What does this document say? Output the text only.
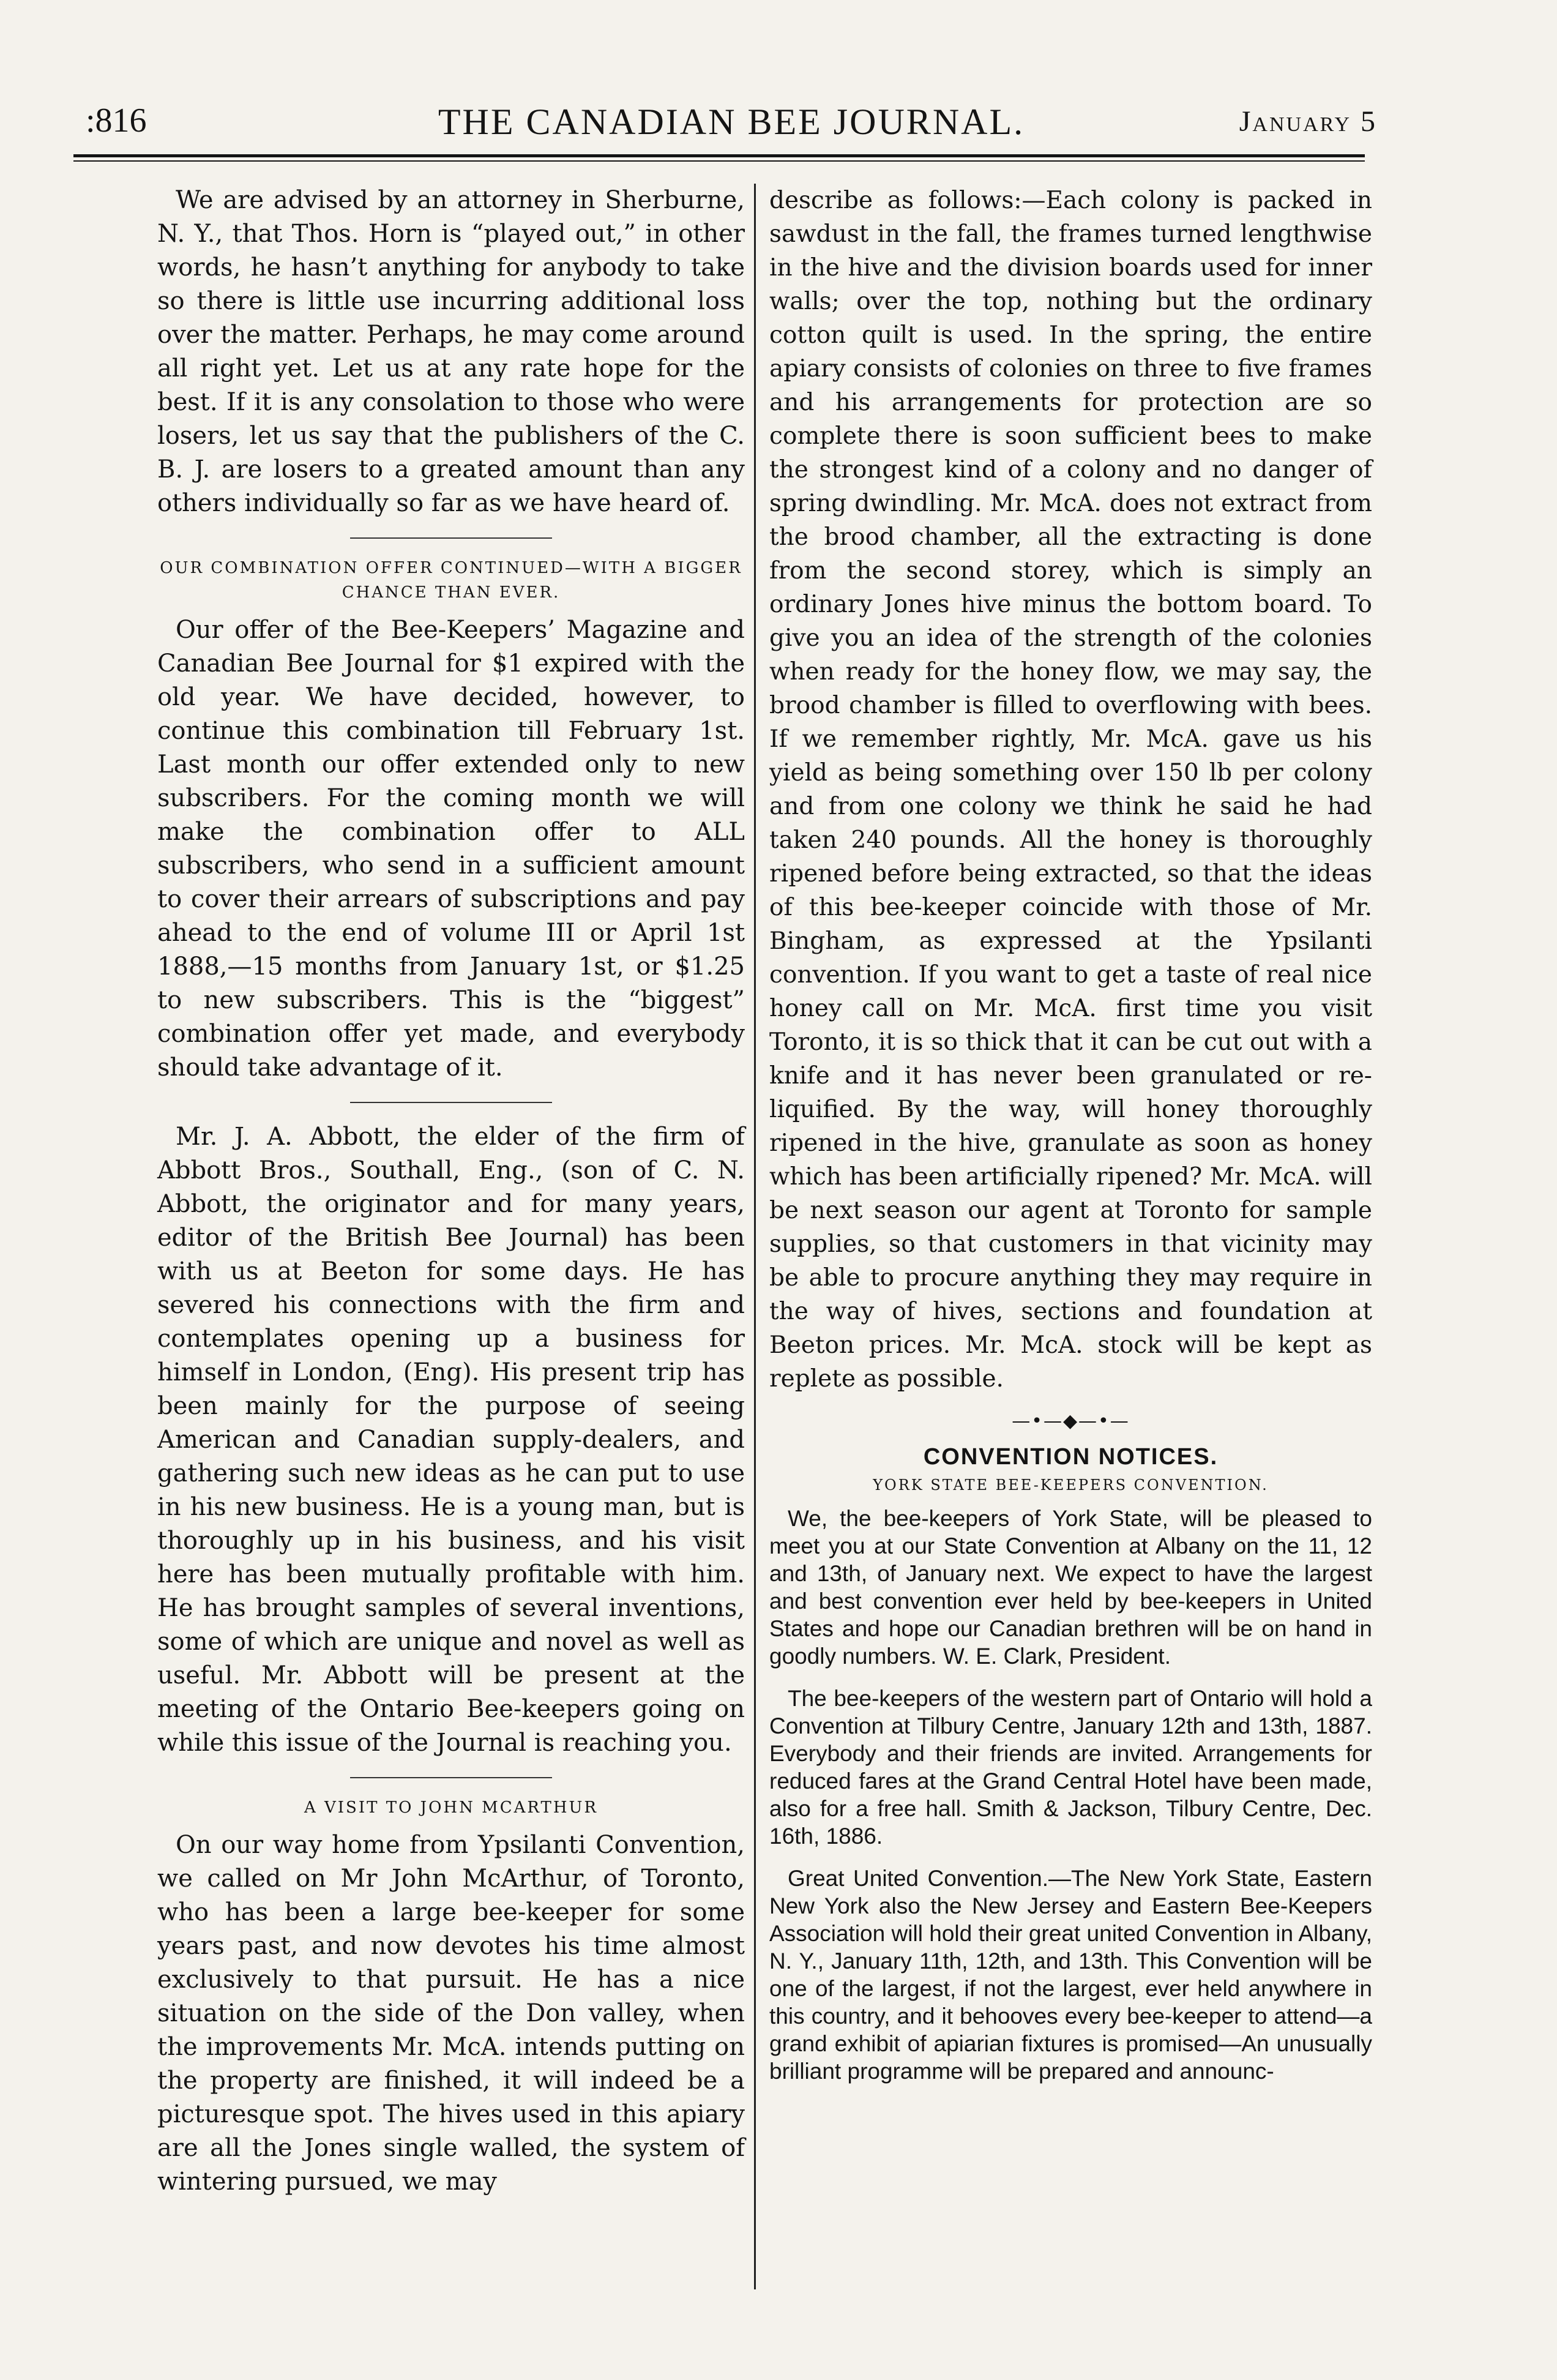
:816	THE CANADIAN BEE JOURNAL.	January 5

We are advised by an attorney in Sherburne, N. Y., that Thos. Horn is “played out,” in other words, he hasn’t anything for anybody to take so there is little use incurring additional loss over the matter. Perhaps, he may come around all right yet. Let us at any rate hope for the best. If it is any consolation to those who were losers, let us say that the publishers of the C. B. J. are losers to a greated amount than any others individually so far as we have heard of.

OUR COMBINATION OFFER CONTINUED—WITH A BIGGER CHANCE THAN EVER.

Our offer of the Bee-Keepers’ Magazine and Canadian Bee Journal for $1 expired with the old year. We have decided, however, to continue this combination till February 1st. Last month our offer extended only to new subscribers. For the coming month we will make the combination offer to ALL subscribers, who send in a sufficient amount to cover their arrears of subscriptions and pay ahead to the end of volume III or April 1st 1888,—15 months from January 1st, or $1.25 to new subscribers. This is the “biggest” combination offer yet made, and everybody should take advantage of it.

Mr. J. A. Abbott, the elder of the firm of Abbott Bros., Southall, Eng., (son of C. N. Abbott, the originator and for many years, editor of the British Bee Journal) has been with us at Beeton for some days. He has severed his connections with the firm and contemplates opening up a business for himself in London, (Eng). His present trip has been mainly for the purpose of seeing American and Canadian supply-dealers, and gathering such new ideas as he can put to use in his new business. He is a young man, but is thoroughly up in his business, and his visit here has been mutually profitable with him. He has brought samples of several inventions, some of which are unique and novel as well as useful. Mr. Abbott will be present at the meeting of the Ontario Bee-keepers going on while this issue of the Journal is reaching you.

A VISIT TO JOHN MCARTHUR

On our way home from Ypsilanti Convention, we called on Mr John McArthur, of Toronto, who has been a large bee-keeper for some years past, and now devotes his time almost exclusively to that pursuit. He has a nice situation on the side of the Don valley, when the improvements Mr. McA. intends putting on the property are finished, it will indeed be a picturesque spot. The hives used in this apiary are all the Jones single walled, the system of wintering pursued, we may

describe as follows:—Each colony is packed in sawdust in the fall, the frames turned lengthwise in the hive and the division boards used for inner walls; over the top, nothing but the ordinary cotton quilt is used. In the spring, the entire apiary consists of colonies on three to five frames and his arrangements for protection are so complete there is soon sufficient bees to make the strongest kind of a colony and no danger of spring dwindling. Mr. McA. does not extract from the brood chamber, all the extracting is done from the second storey, which is simply an ordinary Jones hive minus the bottom board. To give you an idea of the strength of the colonies when ready for the honey flow, we may say, the brood chamber is filled to overflowing with bees. If we remember rightly, Mr. McA. gave us his yield as being something over 150 lb per colony and from one colony we think he said he had taken 240 pounds. All the honey is thoroughly ripened before being extracted, so that the ideas of this bee-keeper coincide with those of Mr. Bingham, as expressed at the Ypsilanti convention. If you want to get a taste of real nice honey call on Mr. McA. first time you visit Toronto, it is so thick that it can be cut out with a knife and it has never been granulated or re-liquified. By the way, will honey thoroughly ripened in the hive, granulate as soon as honey which has been artificially ripened? Mr. McA. will be next season our agent at Toronto for sample supplies, so that customers in that vicinity may be able to procure anything they may require in the way of hives, sections and foundation at Beeton prices. Mr. McA. stock will be kept as replete as possible.

—•—◆—•—
CONVENTION NOTICES.
YORK STATE BEE-KEEPERS CONVENTION.

We, the bee-keepers of York State, will be pleased to meet you at our State Convention at Albany on the 11, 12 and 13th, of January next. We expect to have the largest and best convention ever held by bee-keepers in United States and hope our Canadian brethren will be on hand in goodly numbers. W. E. Clark, President.

The bee-keepers of the western part of Ontario will hold a Convention at Tilbury Centre, January 12th and 13th, 1887. Everybody and their friends are invited. Arrangements for reduced fares at the Grand Central Hotel have been made, also for a free hall. Smith & Jackson, Tilbury Centre, Dec. 16th, 1886.

Great United Convention.—The New York State, Eastern New York also the New Jersey and Eastern Bee-Keepers Association will hold their great united Convention in Albany, N. Y., January 11th, 12th, and 13th. This Convention will be one of the largest, if not the largest, ever held anywhere in this country, and it behooves every bee-keeper to attend—a grand exhibit of apiarian fixtures is promised—An unusually brilliant programme will be prepared and announc-
